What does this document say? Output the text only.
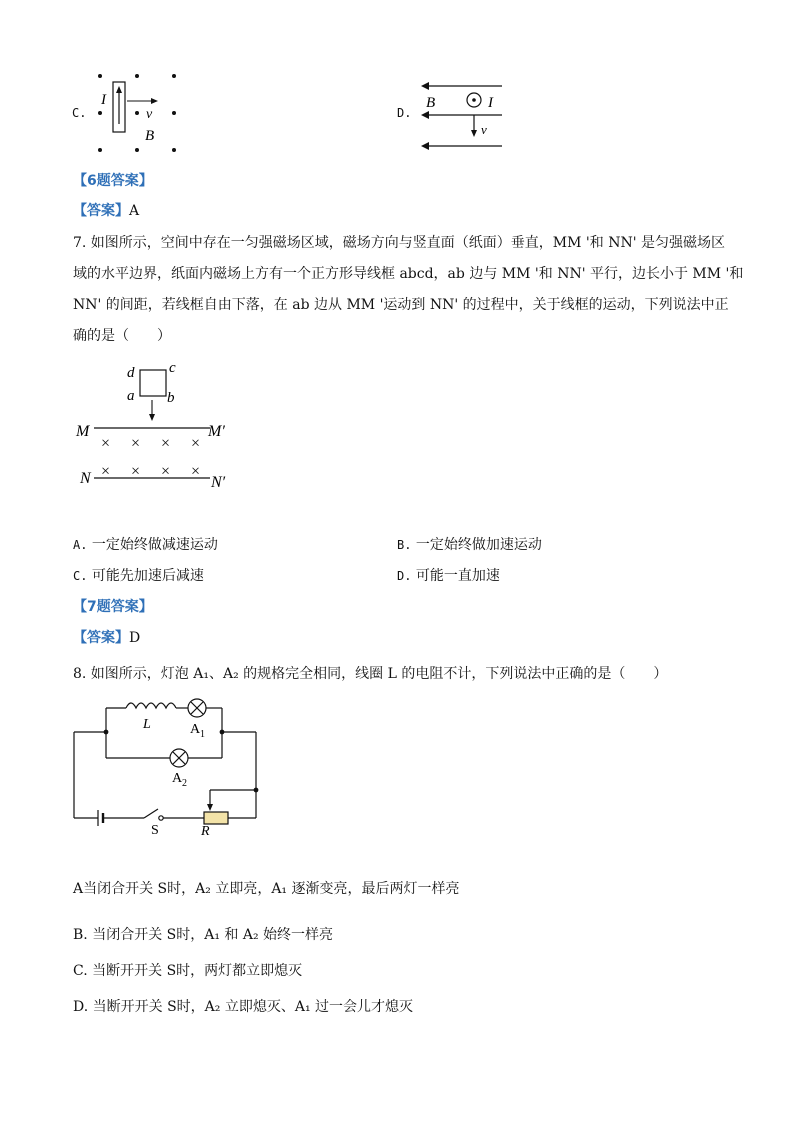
C.
I
v
B
D.
B	I
v
【6题答案】
【答案】A
7. 如图所示，空间中存在一匀强磁场区域，磁场方向与竖直面（纸面）垂直，MM '和 NN' 是匀强磁场区
域的水平边界，纸面内磁场上方有一个正方形导线框 abcd，ab 边与 MM '和 NN' 平行，边长小于 MM '和
NN' 的间距，若线框自由下落，在 ab 边从 MM '运动到 NN' 的过程中，关于线框的运动，下列说法中正
确的是（　　）
d c
a b
M	M′
N	N′
× × × ×
× × × ×
A. 一定始终做减速运动	B. 一定始终做加速运动
C. 可能先加速后减速	D. 可能一直加速
【7题答案】
【答案】D
8. 如图所示，灯泡 A₁、A₂ 的规格完全相同，线圈 L 的电阻不计，下列说法中正确的是（　　）
L	A 1
A 2
S	R
A当闭合开关 S时，A₂ 立即亮，A₁ 逐渐变亮，最后两灯一样亮
B. 当闭合开关 S时，A₁ 和 A₂ 始终一样亮
C. 当断开开关 S时，两灯都立即熄灭
D. 当断开开关 S时，A₂ 立即熄灭、A₁ 过一会儿才熄灭
